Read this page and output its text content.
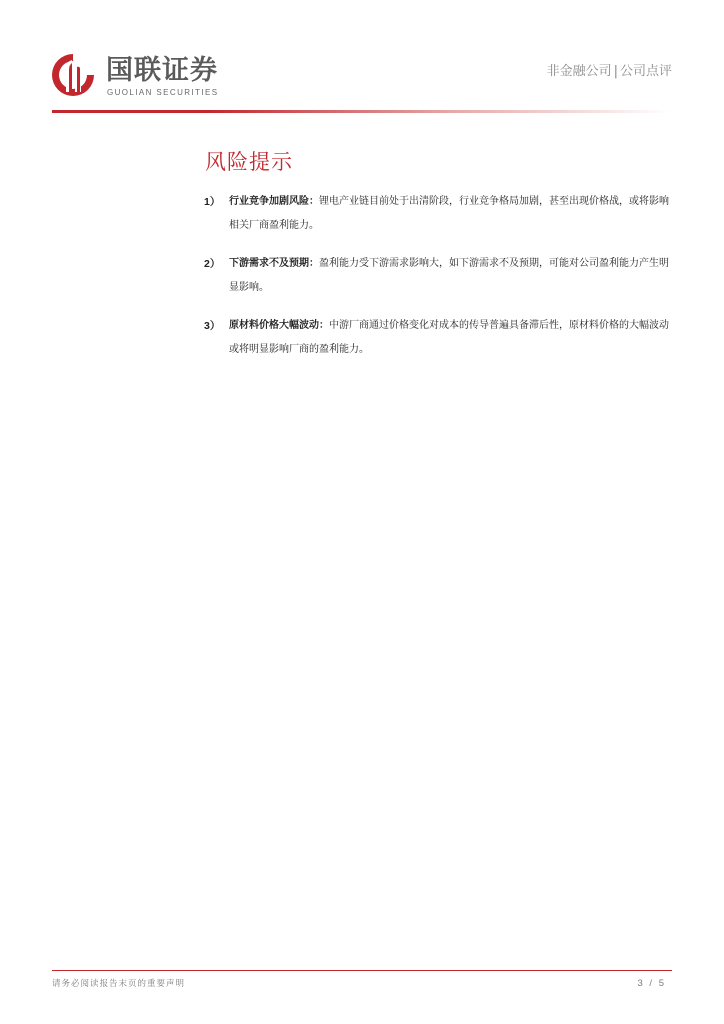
国联证券
GUOLIAN SECURITIES
非金融公司 | 公司点评
风险提示
1） 行业竞争加剧风险：锂电产业链目前处于出清阶段，行业竞争格局加剧，甚至出现价格战，或将影响相关厂商盈利能力。
2） 下游需求不及预期：盈利能力受下游需求影响大，如下游需求不及预期，可能对公司盈利能力产生明显影响。
3） 原材料价格大幅波动：中游厂商通过价格变化对成本的传导普遍具备滞后性，原材料价格的大幅波动或将明显影响厂商的盈利能力。
请务必阅读报告末页的重要声明	3 / 5
